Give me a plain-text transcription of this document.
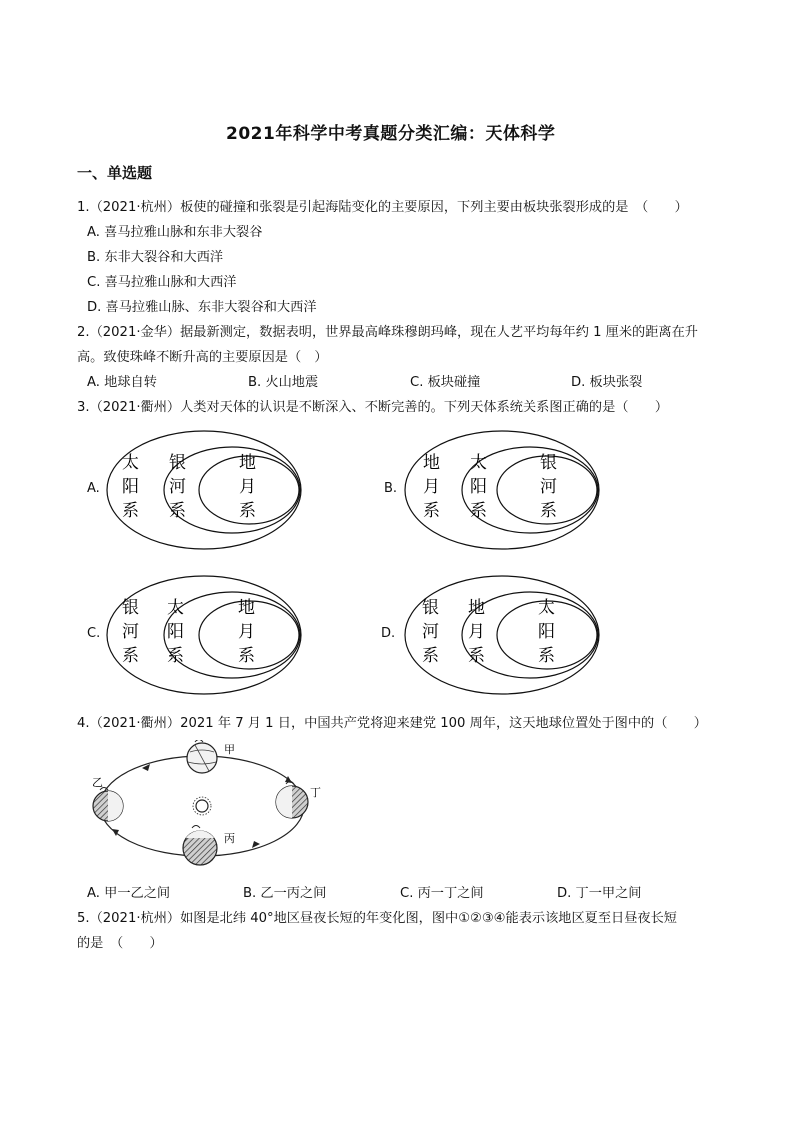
2021年科学中考真题分类汇编：天体科学
一、单选题
1.（2021·杭州）板使的碰撞和张裂是引起海陆变化的主要原因，下列主要由板块张裂形成的是　（　　）
A. 喜马拉雅山脉和东非大裂谷
B. 东非大裂谷和大西洋
C. 喜马拉雅山脉和大西洋
D. 喜马拉雅山脉、东非大裂谷和大西洋
2.（2021·金华）据最新测定，数据表明，世界最高峰珠穆朗玛峰，现在人艺平均每年约 1 厘米的距离在升
高。致使珠峰不断升高的主要原因是（　）
A. 地球自转	B. 火山地震	C. 板块碰撞	D. 板块张裂
3.（2021·衢州）人类对天体的认识是不断深入、不断完善的。下列天体系统关系图正确的是（　　）
A.
太
阳
系
银
河
系
地
月
系
B.
地
月
系
太
阳
系
银
河
系
C.
银
河
系
太
阳
系
地
月
系
D.
银
河
系
地
月
系
太
阳
系
4.（2021·衢州）2021 年 7 月 1 日，中国共产党将迎来建党 100 周年，这天地球位置处于图中的（　　）
甲
乙
丙
丁
A. 甲一乙之间	B. 乙一丙之间	C. 丙一丁之间	D. 丁一甲之间
5.（2021·杭州）如图是北纬 40°地区昼夜长短的年变化图，图中①②③④能表示该地区夏至日昼夜长短
的是　（　　）
